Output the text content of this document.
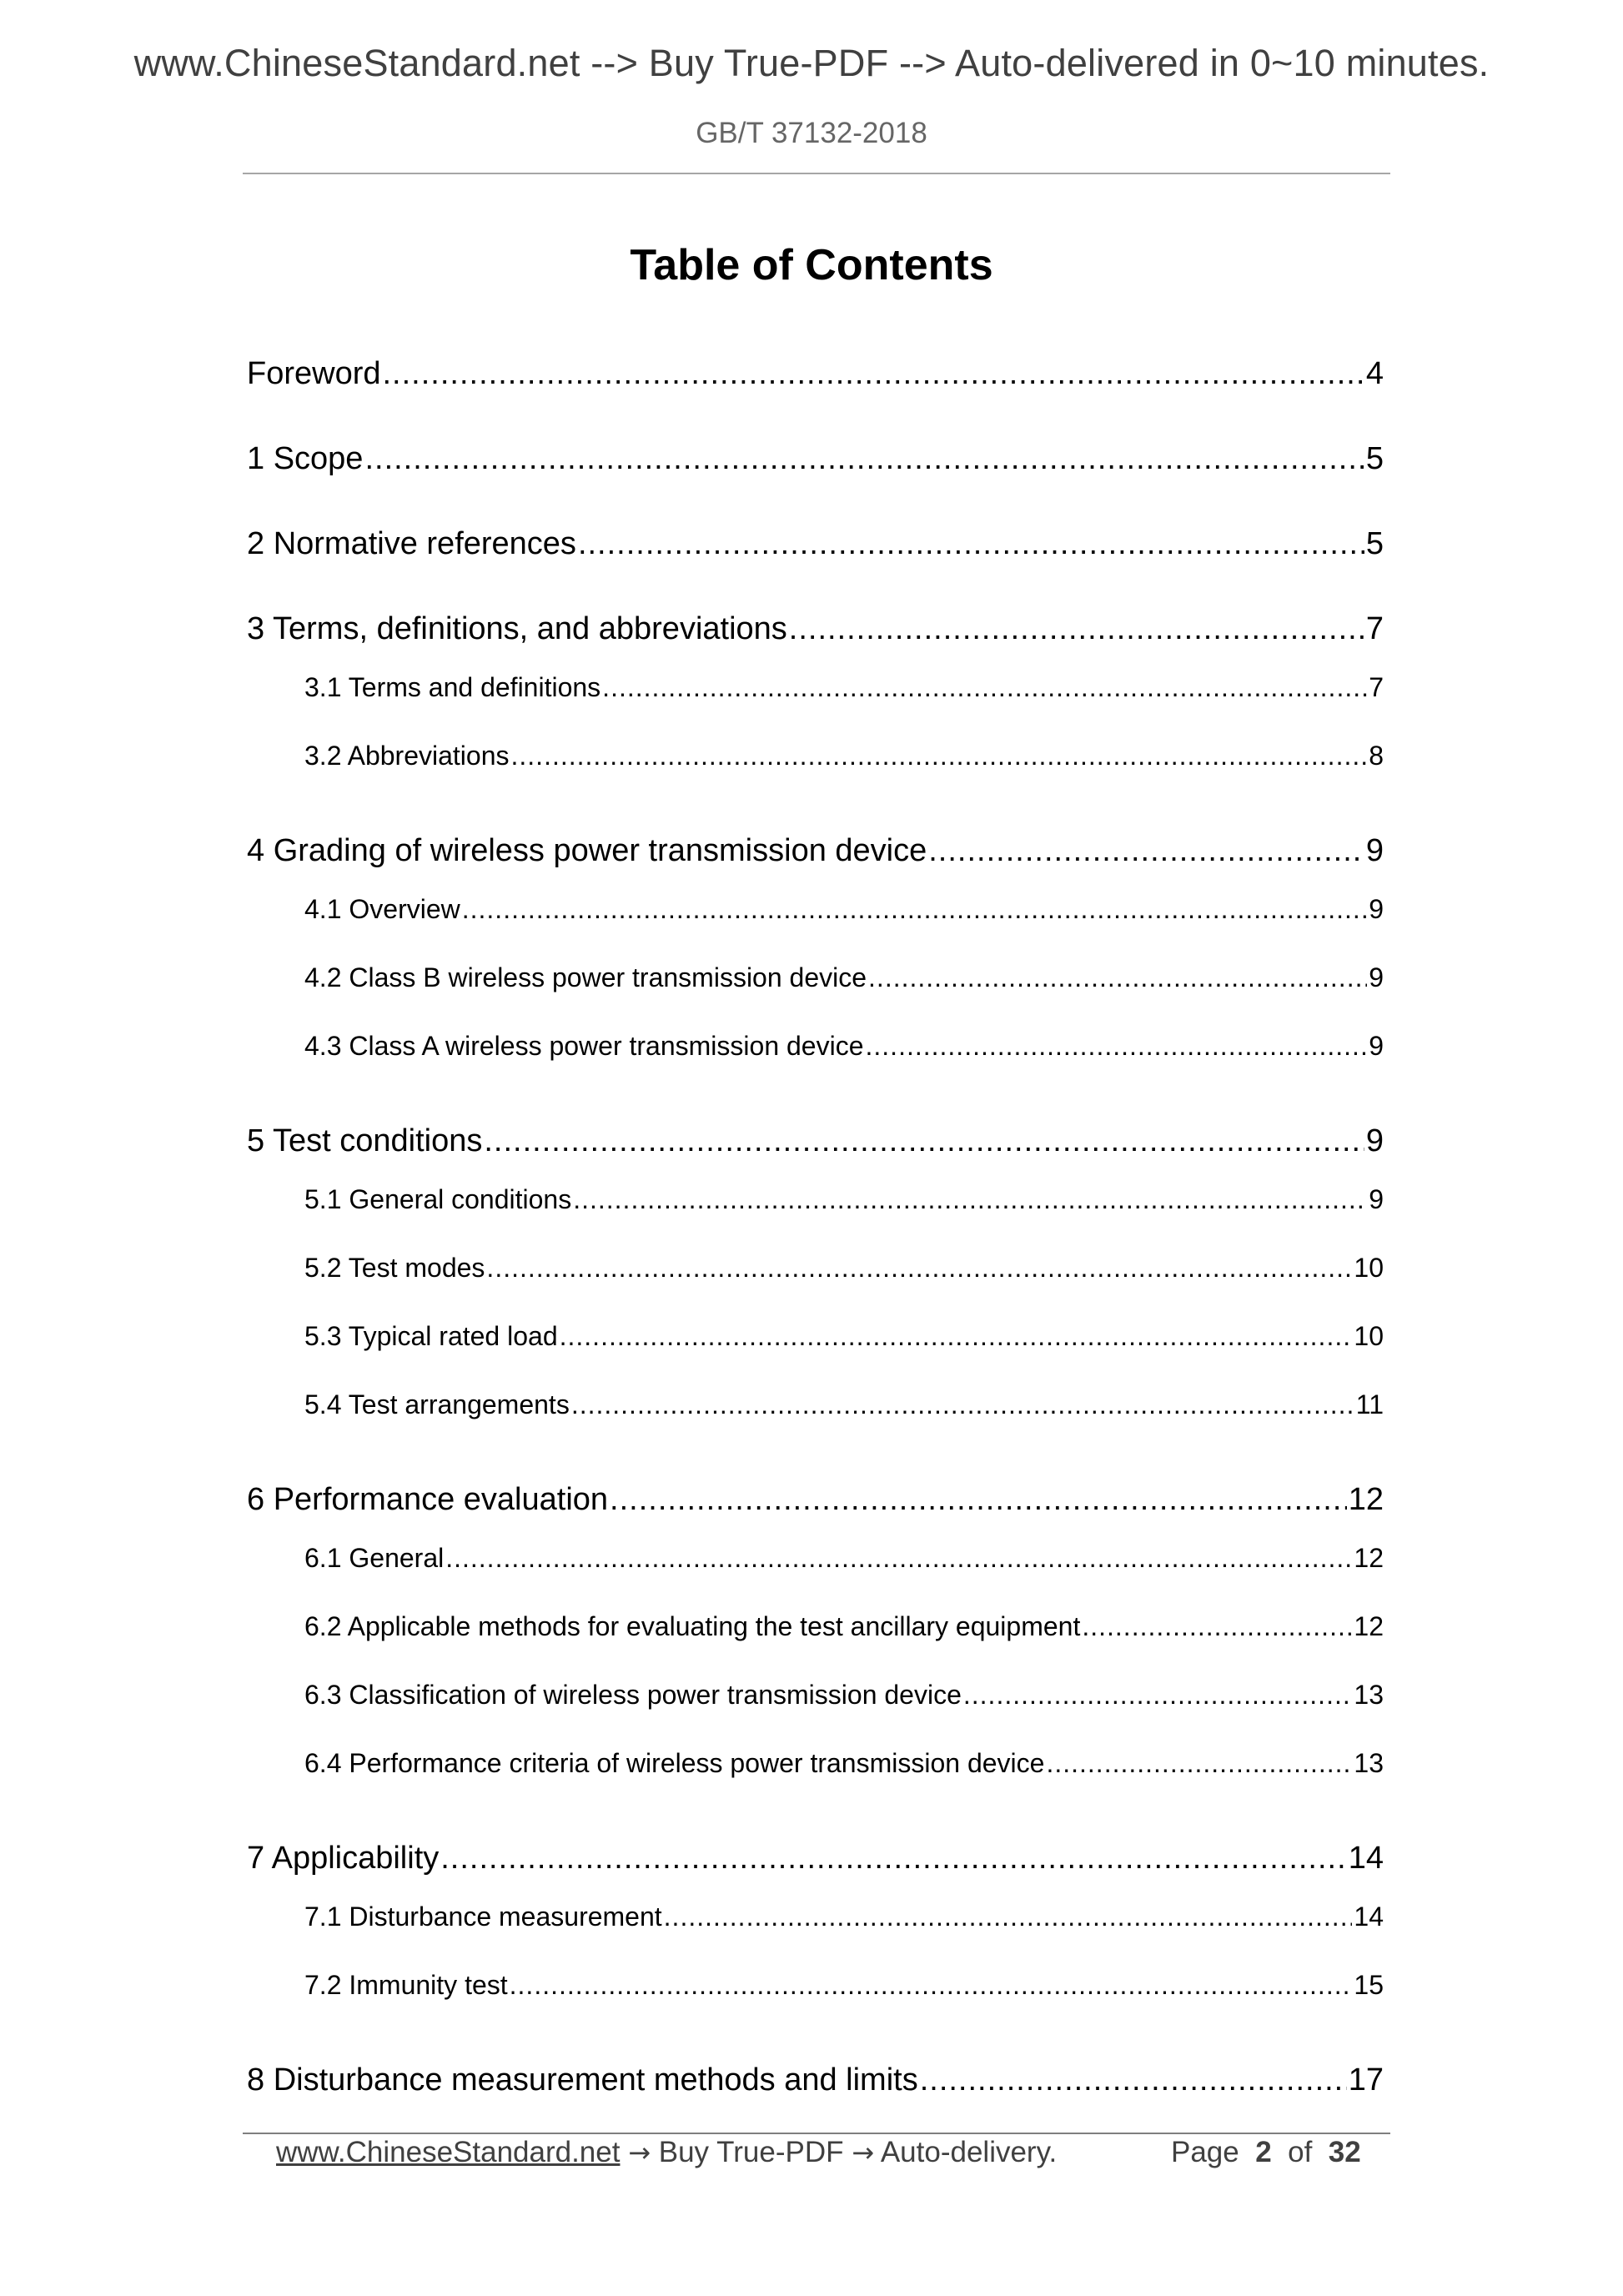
www.ChineseStandard.net --> Buy True-PDF --> Auto-delivered in 0~10 minutes.
GB/T 37132-2018
Table of Contents
Foreword .....	4
1 Scope .....	5
2 Normative references .....	5
3 Terms, definitions, and abbreviations .....	7
3.1 Terms and definitions .....	7
3.2 Abbreviations .....	8
4 Grading of wireless power transmission device .....	9
4.1 Overview .....	9
4.2 Class B wireless power transmission device .....	9
4.3 Class A wireless power transmission device .....	9
5 Test conditions .....	9
5.1 General conditions .....	9
5.2 Test modes .....	10
5.3 Typical rated load .....	10
5.4 Test arrangements .....	11
6 Performance evaluation .....	12
6.1 General .....	12
6.2 Applicable methods for evaluating the test ancillary equipment .....	12
6.3 Classification of wireless power transmission device .....	13
6.4 Performance criteria of wireless power transmission device .....	13
7 Applicability .....	14
7.1 Disturbance measurement .....	14
7.2 Immunity test .....	15
8 Disturbance measurement methods and limits .....	17
www.ChineseStandard.net → Buy True-PDF → Auto-delivery.	Page 2 of 32
